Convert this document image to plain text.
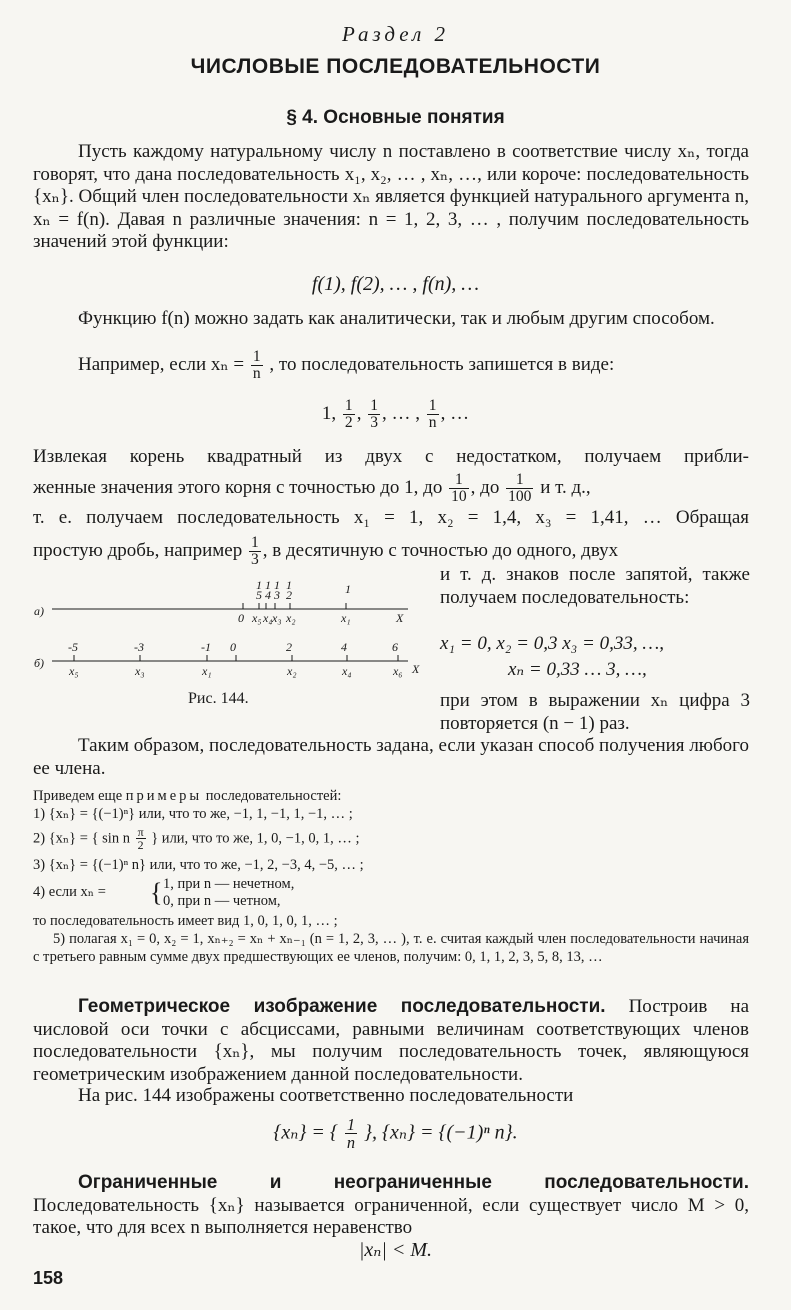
Раздел 2
ЧИСЛОВЫЕ ПОСЛЕДОВАТЕЛЬНОСТИ
§ 4. Основные понятия

Пусть каждому натуральному числу n поставлено в соответствие числу xₙ, тогда говорят, что дана последовательность x₁, x₂, … , xₙ, …, или короче: последовательность {xₙ}. Общий член последовательности xₙ является функцией натурального аргумента n, xₙ = f(n). Давая n различные значения: n = 1, 2, 3, … , получим последовательность значений этой функции:

f(1), f(2), … , f(n), …

Функцию f(n) можно задать как аналитически, так и любым другим способом.

Например, если $x_n = \frac{1}{n}$ , то последовательность запишется в виде:
1, $\frac{1}{2}$ , $\frac{1}{3}$ , … , $\frac{1}{n}$ , …
Извлекая корень квадратный из двух с недостатком, получаем прибли-
женные значения этого корня с точностью до 1, до $\frac{1}{10}$ , до $\frac{1}{100}$ и т. д.,
т. е. получаем последовательность x₁ = 1, x₂ = 1,4, x₃ = 1,41, … Обращая
простую дробь, например $\frac{1}{3}$ , в десятичную с точностью до одного, двух

и т. д. знаков после запятой, также получаем последовательность:

x₁ = 0, x₂ = 0,3 x₃ = 0,33, …,
xₙ = 0,33 … 3, …,

при этом в выражении xₙ цифра 3 повторяется (n − 1) раз.

Таким образом, последовательность задана, если указан способ получения любого ее члена.

а)
1 1 1
5 4 3
1
2	1
0 x₅ x₄ x₃ x₂	x₁	X
б)
-5	-3	-1 0	2	4	6
x₅	x₃	x₁	x₂	x₄	x₆ X
Рис. 144.
Приведем еще примеры последовательностей:
1) {xₙ} = {(−1)ⁿ} или, что то же, −1, 1, −1, 1, −1, … ;
2) {xₙ} = { sin n $\frac{\pi}{2}$ } или, что то же, 1, 0, −1, 0, 1, … ;
3) {xₙ} = {(−1)ⁿ n} или, что то же, −1, 2, −3, 4, −5, … ;
4) если xₙ = { 1, при n — нечетном,
0, при n — четном,
то последовательность имеет вид 1, 0, 1, 0, 1, … ;

5) полагая x₁ = 0, x₂ = 1, xₙ₊₂ = xₙ + xₙ₋₁ (n = 1, 2, 3, … ), т. е. считая каждый член последовательности начиная с третьего равным сумме двух предшествующих ее членов, получим: 0, 1, 1, 2, 3, 5, 8, 13, …

Геометрическое изображение последовательности. Построив на числовой оси точки с абсциссами, равными величинам соответствующих членов последовательности {xₙ}, мы получим последовательность точек, являющуюся геометрическим изображением данной последовательности.

На рис. 144 изображены соответственно последовательности

{xₙ} = { $\frac{1}{n}$ }, {xₙ} = {(−1)ⁿ n}.

Ограниченные и неограниченные последовательности. Последовательность {xₙ} называется ограниченной, если существует число M > 0, такое, что для всех n выполняется неравенство

|xₙ| < M.
158
